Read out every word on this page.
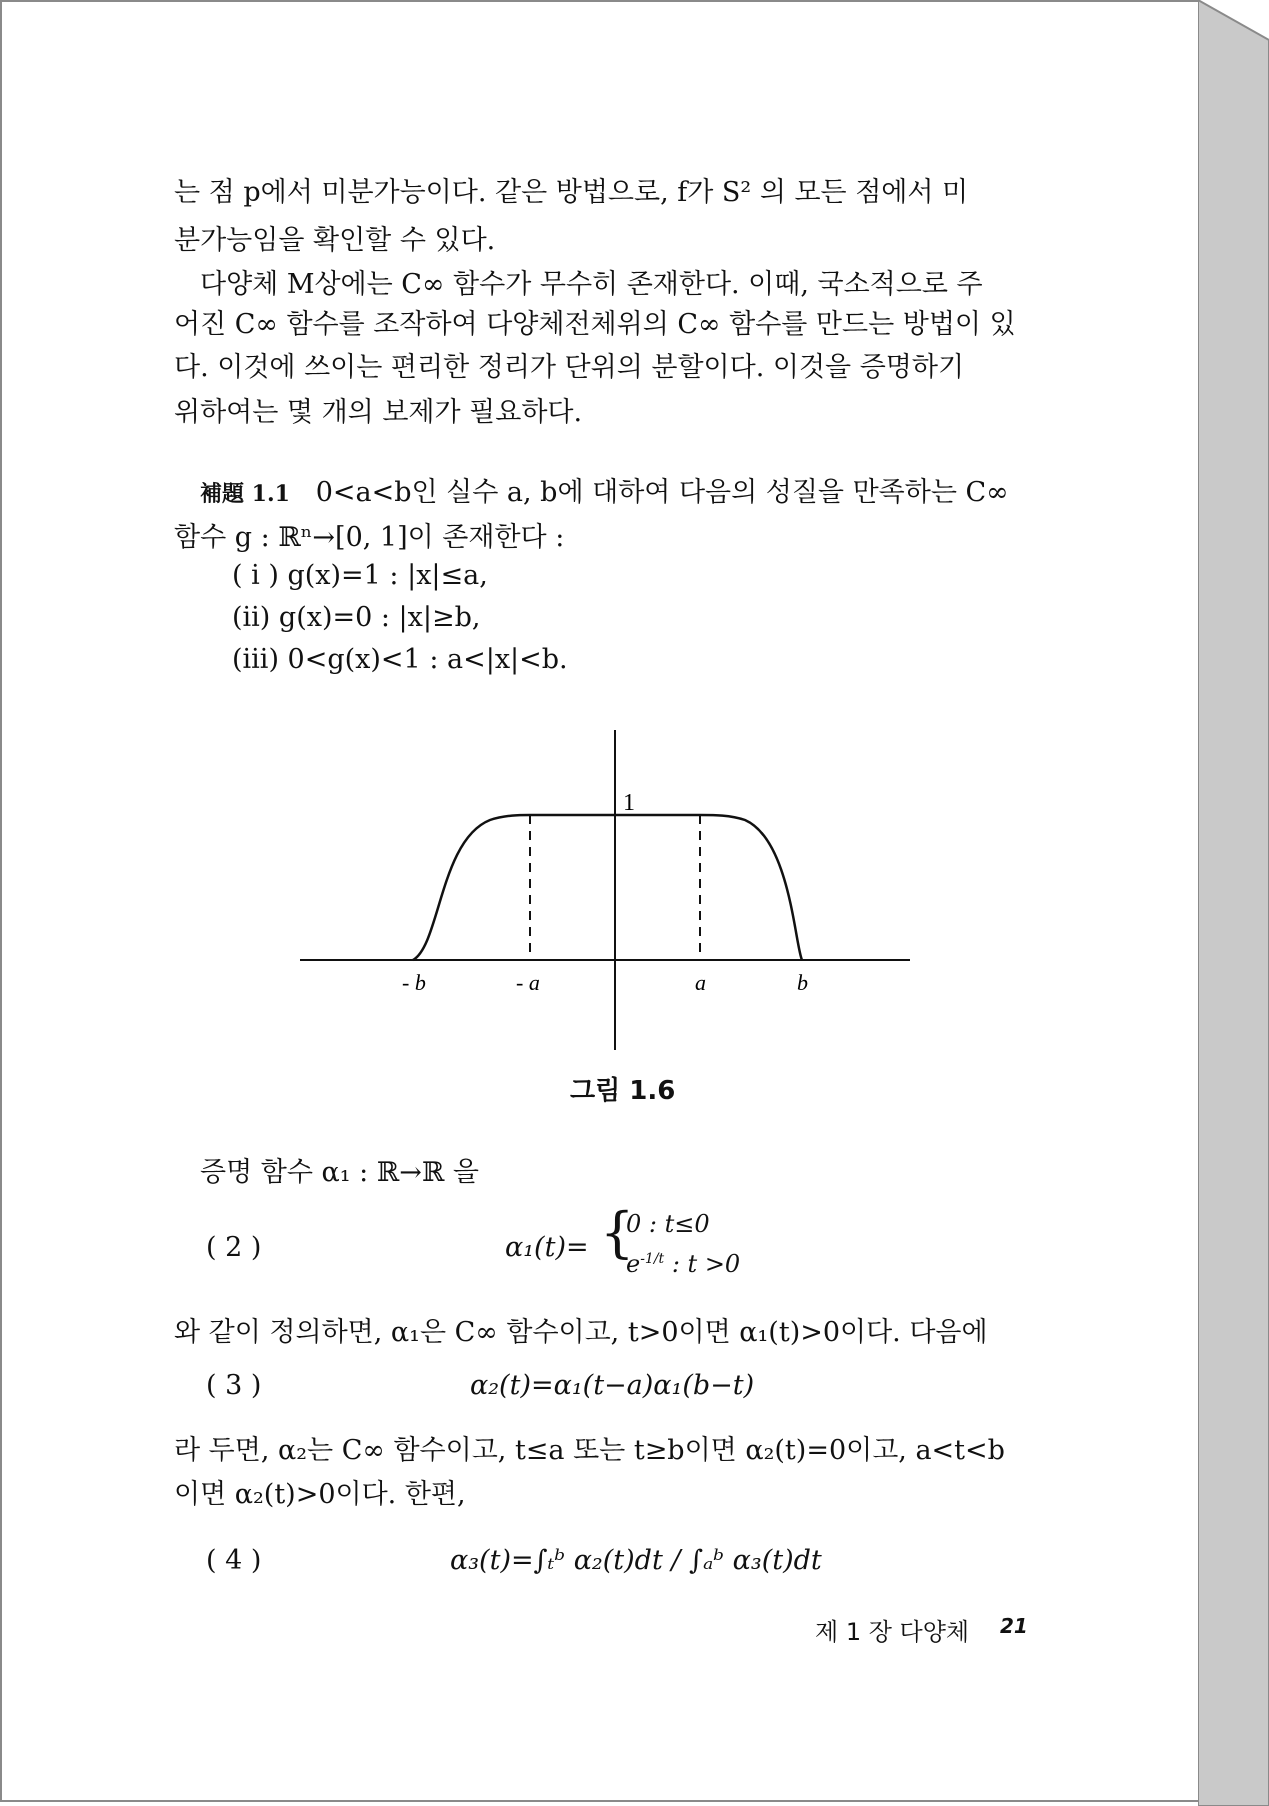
는 점 p에서 미분가능이다. 같은 방법으로, f가 S² 의 모든 점에서 미
분가능임을 확인할 수 있다.
다양체 M상에는 C∞ 함수가 무수히 존재한다. 이때, 국소적으로 주
어진 C∞ 함수를 조작하여 다양체전체위의 C∞ 함수를 만드는 방법이 있
다. 이것에 쓰이는 편리한 정리가 단위의 분할이다. 이것을 증명하기
위하여는 몇 개의 보제가 필요하다.
補題 1.1 0<a<b인 실수 a, b에 대하여 다음의 성질을 만족하는 C∞
함수 g : ℝⁿ→[0, 1]이 존재한다 :
( i ) g(x)=1 : |x|≤a,
(ii) g(x)=0 : |x|≥b,
(iii) 0<g(x)<1 : a<|x|<b.
1
- b	- a	a	b
그림 1.6
증명 함수 α₁ : ℝ→ℝ 을
( 2 )	α₁(t)= {
0 : t≤0
$e^{-1/t}$ : t >0
와 같이 정의하면, α₁은 C∞ 함수이고, t>0이면 α₁(t)>0이다. 다음에
( 3 )	α₂(t)=α₁(t−a)α₁(b−t)
라 두면, α₂는 C∞ 함수이고, t≤a 또는 t≥b이면 α₂(t)=0이고, a<t<b
이면 α₂(t)>0이다. 한편,
( 4 )	α₃(t)=∫ₜᵇ α₂(t)dt / ∫ₐᵇ α₃(t)dt
제 1 장 다양체 21
